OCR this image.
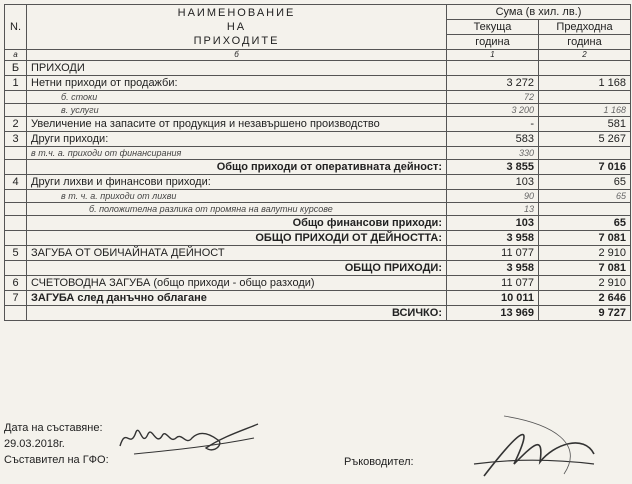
N.	НАИМЕНОВАНИЕ
НА
ПРИХОДИТЕ	Сума (в хил. лв.)	
		Текуща	Предходна
		година	година
a	б	1	2
Б	ПРИХОДИ		
1	Нетни приходи от продажби:	3 272	1 168
	б. стоки	72	
	в. услуги	3 200	1 168
2	Увеличение на запасите от продукция и незавършено производство	-	581
3	Други приходи:	583	5 267
	в т.ч. а. приходи от финансирания	330	
	Общо приходи от оперативната дейност:	3 855	7 016
4	Други лихви и финансови приходи:	103	65
	в т. ч. а. приходи от лихви	90	65
	б. положителна разлика от промяна на валутни курсове	13	
	Общо финансови приходи:	103	65
	ОБЩО ПРИХОДИ ОТ ДЕЙНОСТТА:	3 958	7 081
5	ЗАГУБА ОТ ОБИЧАЙНАТА ДЕЙНОСТ	11 077	2 910
	ОБЩО ПРИХОДИ:	3 958	7 081
6	СЧЕТОВОДНА ЗАГУБА (общо приходи - общо разходи)	11 077	2 910
7	ЗАГУБА след данъчно облагане	10 011	2 646
	ВСИЧКО:	13 969	9 727
Дата на съставяне:
29.03.2018г.
Съставител на ГФО:	Ръководител:
